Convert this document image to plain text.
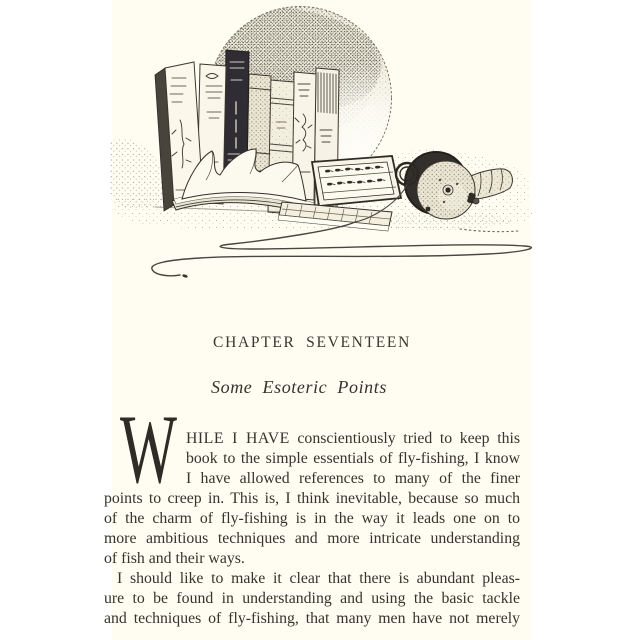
CHAPTER SEVENTEEN
Some Esoteric Points
W HILE I HAVE conscientiously tried to keep this
book to the simple essentials of fly-fishing, I know
I have allowed references to many of the finer
points to creep in. This is, I think inevitable, because so much
of the charm of fly-fishing is in the way it leads one on to
more ambitious techniques and more intricate understanding
of fish and their ways.
I should like to make it clear that there is abundant pleas-
ure to be found in understanding and using the basic tackle
and techniques of fly-fishing, that many men have not merely
